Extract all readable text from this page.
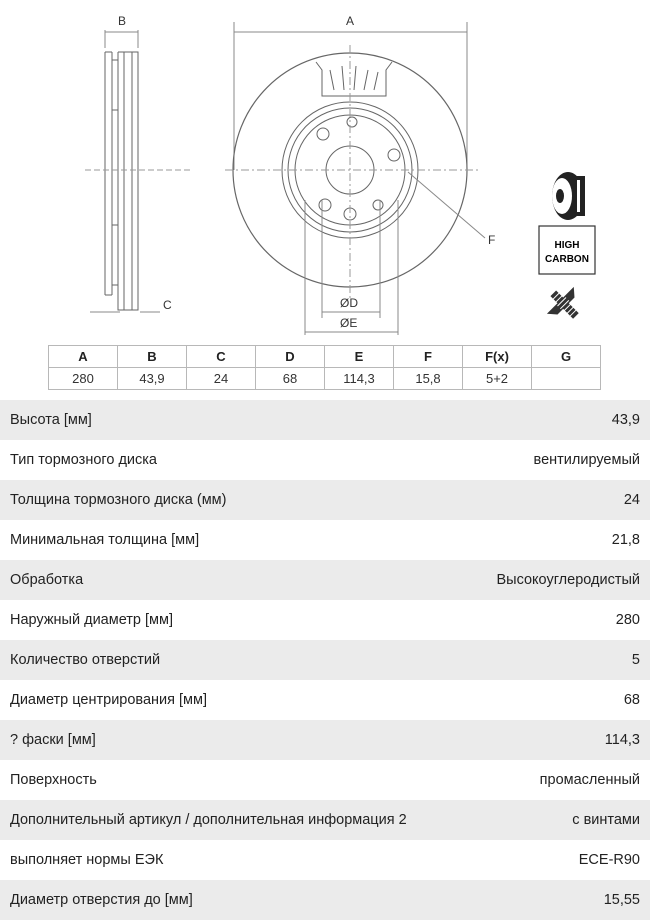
B
C
A
ØD
ØE
F	HIGH
CARBON
A	B	C	D	E	F	F(x)	G
280	43,9	24	68	114,3	15,8	5+2	
Высота [мм]	43,9
Тип тормозного диска	вентилируемый
Толщина тормозного диска (мм)	24
Минимальная толщина [мм]	21,8
Обработка	Высокоуглеродистый
Наружный диаметр [мм]	280
Количество отверстий	5
Диаметр центрирования [мм]	68
? фаски [мм]	114,3
Поверхность	промасленный
Дополнительный артикул / дополнительная информация 2	с винтами
выполняет нормы ЕЭК	ECE-R90
Диаметр отверстия до [мм]	15,55
